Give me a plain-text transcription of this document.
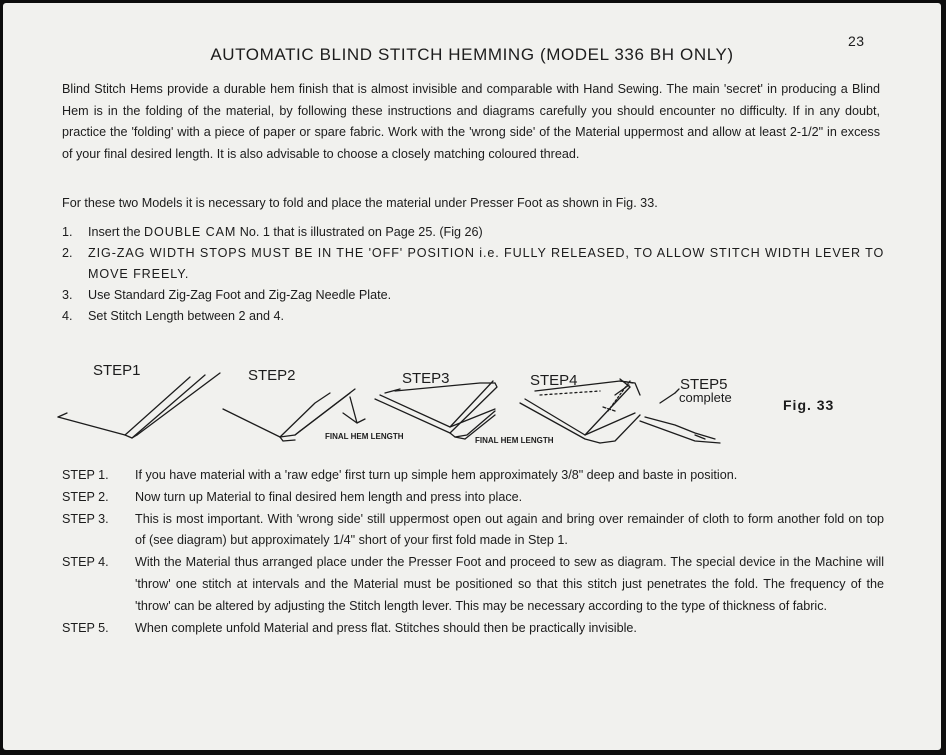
23
AUTOMATIC BLIND STITCH HEMMING (MODEL 336 BH ONLY)

Blind Stitch Hems provide a durable hem finish that is almost invisible and comparable with Hand Sewing. The main 'secret' in producing a Blind Hem is in the folding of the material, by following these instructions and diagrams carefully you should encounter no difficulty. If in any doubt, practice the 'folding' with a piece of paper or spare fabric. Work with the 'wrong side' of the Material uppermost and allow at least 2-1/2" in excess of your final desired length. It is also advisable to choose a closely matching coloured thread.

For these two Models it is necessary to fold and place the material under Presser Foot as shown in Fig. 33.

1. Insert the DOUBLE CAM No. 1 that is illustrated on Page 25. (Fig 26)
2. ZIG-ZAG WIDTH STOPS MUST BE IN THE 'OFF' POSITION i.e. FULLY RELEASED, TO ALLOW STITCH WIDTH LEVER TO MOVE FREELY.
3. Use Standard Zig-Zag Foot and Zig-Zag Needle Plate.
4. Set Stitch Length between 2 and 4.
STEP1	STEP2	STEP3	STEP4	STEP5
complete
FINAL HEM LENGTH	FINAL HEM LENGTH
Fig. 33
STEP 1. If you have material with a 'raw edge' first turn up simple hem approximately 3/8" deep and baste in position.
STEP 2. Now turn up Material to final desired hem length and press into place.
STEP 3. This is most important. With 'wrong side' still uppermost open out again and bring over remainder of cloth to form another fold on top of (see diagram) but approximately 1/4" short of your first fold made in Step 1.
STEP 4. With the Material thus arranged place under the Presser Foot and proceed to sew as diagram. The special device in the Machine will 'throw' one stitch at intervals and the Material must be positioned so that this stitch just penetrates the fold. The frequency of the 'throw' can be altered by adjusting the Stitch length lever. This may be necessary according to the type of thickness of fabric.
STEP 5. When complete unfold Material and press flat. Stitches should then be practically invisible.
